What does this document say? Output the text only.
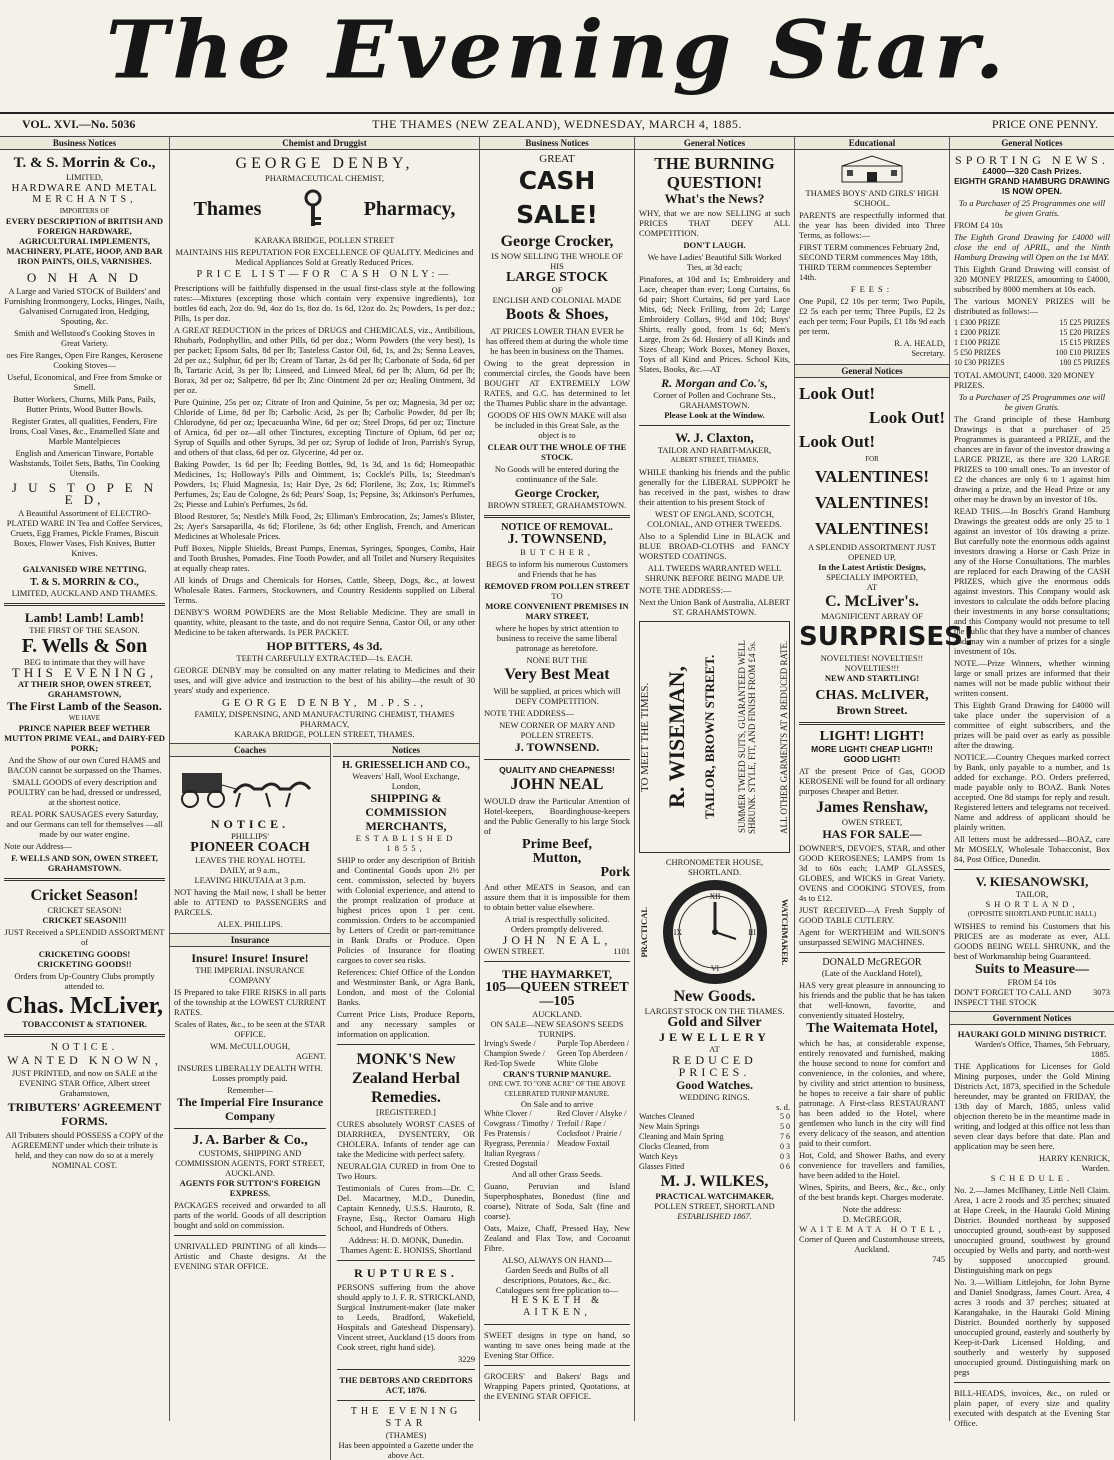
The Evening Star.
THE THAMES (NEW ZEALAND), WEDNESDAY, MARCH 4, 1885.
VOL. XVI.—No. 5036	PRICE ONE PENNY.
Business Notices
T. & S. Morrin & Co.,
LIMITED,
HARDWARE AND METAL
MERCHANTS,
IMPORTERS OF
EVERY DESCRIPTION of BRITISH AND FOREIGN HARDWARE, AGRICULTURAL IMPLEMENTS, MACHINERY, PLATE, HOOP, AND BAR IRON PAINTS, OILS, VARNISHES.
O N H A N D
A Large and Varied STOCK of Builders' and Furnishing Ironmongery, Locks, Hinges, Nails, Galvanised Corrugated Iron, Hedging, Spouting, &c.
Smith and Wellstood's Cooking Stoves in Great Variety.
oes Fire Ranges, Open Fire Ranges, Kerosene Cooking Stoves—
Useful, Economical, and Free from Smoke or Smell.
Butter Workers, Churns, Milk Pans, Pails, Butter Prints, Wood Butter Bowls.
Register Grates, all qualities, Fenders, Fire Irons, Coal Vases, &c., Enamelled Slate and Marble Mantelpieces
English and American Tinware, Portable Washstands, Toilet Sets, Baths, Tin Cooking Utensils.
J U S T O P E N E D,
A Beautiful Assortment of ELECTRO-PLATED WARE IN Tea and Coffee Services, Cruets, Egg Frames, Pickle Frames, Biscuit Boxes, Flower Vases, Fish Knives, Butter Knives.
GALVANISED WIRE NETTING.
T. & S. MORRIN & CO.,
LIMITED, AUCKLAND AND THAMES.
Lamb! Lamb! Lamb!
THE FIRST OF THE SEASON.
F. Wells & Son
BEG to intimate that they will have
THIS EVENING,
AT THEIR SHOP, OWEN STREET, GRAHAMSTOWN,
The First Lamb of the Season.
WE HAVE
PRINCE NAPIER BEEF WETHER MUTTON PRIME VEAL, and DAIRY-FED PORK;
And the Show of our own Cured HAMS and BACON cannot be surpassed on the Thames.
SMALL GOODS of every description and POULTRY can be had, dressed or undressed, at the shortest notice.
REAL PORK SAUSAGES every Saturday, and our Germans can tell for themselves —all made by our water engine.
Note our Address—
F. WELLS AND SON, OWEN STREET, GRAHAMSTOWN.
Cricket Season!
CRICKET SEASON!
CRICKET SEASON!!!
JUST Received a SPLENDID ASSORTMENT of
CRICKETING GOODS!
CRICKETING GOODS!!
Orders from Up-Country Clubs promptly attended to.
Chas. McLiver,
TOBACCONIST & STATIONER.
NOTICE.
WANTED KNOWN,
JUST PRINTED, and now on SALE at the EVENING STAR Office, Albert street Grahamstown,
TRIBUTERS' AGREEMENT FORMS.
All Tributers should POSSESS a COPY of the AGREEMENT under which their tribute is held, and they can now do so at a merely NOMINAL COST.
Chemist and Druggist
GEORGE DENBY,
PHARMACEUTICAL CHEMIST,
Thames	Pharmacy,
KARAKA BRIDGE, POLLEN STREET
MAINTAINS HIS REPUTATION FOR EXCELLENCE OF QUALITY. Medicines and Medical Appliances Sold at Greatly Reduced Prices.
PRICE LIST—FOR CASH ONLY:—
Prescriptions will be faithfully dispensed in the usual first-class style at the following rates:—Mixtures (excepting those which contain very expensive ingredients), 1oz bottles 6d each, 2oz do. 9d, 4oz do 1s, 8oz do. 1s 6d, 12oz do. 2s; Powders, 1s per doz.; Pills, 1s per doz.
A GREAT REDUCTION in the prices of DRUGS and CHEMICALS, viz., Antibilious, Rhubarb, Podophyllin, and other Pills, 6d per doz.; Worm Powders (the very best), 1s per packet; Epsom Salts, 8d per lb; Tasteless Castor Oil, 6d, 1s, and 2s; Senna Leaves, 2d per oz.; Sulphur, 6d per lb; Cream of Tartar, 2s 6d per lb; Carbonate of Soda, 6d per lb, Tartaric Acid, 3s per lb; Linseed, and Linseed Meal, 6d per lb; Alum, 6d per lb; Borax, 3d per oz; Saltpetre, 8d per lb; Zinc Ointment 2d per oz; Healing Ointment, 3d per oz.
Pure Quinine, 25s per oz; Citrate of Iron and Quinine, 5s per oz; Magnesia, 3d per oz; Chloride of Lime, 8d per lb; Carbolic Acid, 2s per lb; Carbolic Powder, 8d per lb; Chlorodyne, 6d per oz; Ipecacuanha Wine, 6d per oz; Steel Drops, 6d per oz; Tincture of Arnica, 6d per oz—all other Tinctures, excepting Tincture of Opium, 6d per oz; Syrup of Squills and other Syrups, 3d per oz; Syrup of Iodide of Iron, Parrish's Syrup, and others of that class, 6d per oz. Glycerine, 4d per oz.
Baking Powder, 1s 6d per lb; Feeding Bottles, 9d, 1s 3d, and 1s 6d; Homeopathic Medicines, 1s; Holloway's Pills and Ointment, 1s; Cockle's Pills, 1s; Steedman's Powders, 1s; Fluid Magnesia, 1s; Hair Dye, 2s 6d; Florilene, 3s; Zox, 1s; Rimmel's Perfumes, 2s; Eau de Cologne, 2s 6d; Pears' Soap, 1s; Pepsine, 3s; Atkinson's Perfumes, 2s; Piesse and Lubin's Perfumes, 2s 6d.
Blood Restorer, 5s; Nestle's Milk Food, 2s; Elliman's Embrocation, 2s; James's Blister, 2s; Ayer's Sarsaparilla, 4s 6d; Florilene, 3s 6d; other English, French, and American Medicines at Wholesale Prices.
Puff Boxes, Nipple Shields, Breast Pumps, Enemas, Syringes, Sponges, Combs, Hair and Tooth Brushes, Pomades. Fine Tooth Powder, and all Toilet and Nursery Requisites at equally cheap rates.
All kinds of Drugs and Chemicals for Horses, Cattle, Sheep, Dogs, &c., at lowest Wholesale Rates. Farmers, Stockowners, and Country Residents supplied on Liberal Terms.
DENBY'S WORM POWDERS are the Most Reliable Medicine. They are small in quantity, white, pleasant to the taste, and do not require Senna, Castor Oil, or any other Medicine to be taken afterwards. 1s PER PACKET.
HOP BITTERS, 4s 3d.
TEETH CAREFULLY EXTRACTED—1s. EACH.
GEORGE DENBY may be consulted on any matter relating to Medicines and their uses, and will give advice and instruction to the best of his ability—the result of 30 years' study and experience.
GEORGE DENBY, M.P.S.,
FAMILY, DISPENSING, AND MANUFACTURING CHEMIST, THAMES PHARMACY,
KARAKA BRIDGE, POLLEN STREET, THAMES.
Coaches
NOTICE.
PHILLIPS'
PIONEER COACH
LEAVES THE ROYAL HOTEL
DAILY, at 9 a.m.,
LEAVING HIKUTAIA at 3 p.m.
NOT having the Mail now, I shall be better able to ATTEND to PASSENGERS and PARCELS.
ALEX. PHILLIPS.
Insurance
Insure! Insure! Insure!
THE IMPERIAL INSURANCE COMPANY
IS Prepared to take FIRE RISKS in all parts of the township at the LOWEST CURRENT RATES.
Scales of Rates, &c., to be seen at the STAR OFFICE.
WM. McCULLOUGH,
AGENT.
INSURES LIBERALLY DEALTH WITH. Losses promptly paid.
Remember—
The Imperial Fire Insurance Company
J. A. Barber & Co.,
CUSTOMS, SHIPPING AND COMMISSION AGENTS, FORT STREET, AUCKLAND.
AGENTS FOR SUTTON'S FOREIGN EXPRESS.
PACKAGES received and orwarded to all parts of the world. Goods of all description bought and sold on commission.
UNRIVALLED PRINTING of all kinds—Artistic and Chaste designs. At the EVENING STAR OFFICE.
Notices
H. GRIESSELICH AND CO.,
Weavers' Hall, Wool Exchange, London,
SHIPPING & COMMISSION MERCHANTS,
ESTABLISHED 1855,
SHIP to order any description of British and Continental Goods upon 2½ per cent. commission, selected by buyers with Colonial experience, and attend to the prompt realization of produce at highest prices upon 1 per cent. commission. Orders to be accompanied by Letters of Credit or part-remittance in Bank Drafts or Produce. Open Policies of Insurance for floating cargoes to cover sea risks.
References: Chief Office of the London and Westminster Bank, or Agra Bank, London, and most of the Colonial Banks.
Current Price Lists, Produce Reports, and any necessary samples or information on application.
MONK'S New Zealand Herbal Remedies.
[REGISTERED.]
CURES absolutely WORST CASES of DIARRHŒA, DYSENTERY, OR CHOLERA. Infants of tender age can take the Medicine with perfect safety.
NEURALGIA CURED in from One to Two Hours.
Testimonials of Cures from—Dr. C. Del. Macartney, M.D., Dunedin, Captain Kennedy, U.S.S. Hauroto, R. Frayne, Esq., Rector Oamaru High School, and Hundreds of Others.
Address: H. D. MONK, Dunedin.
Thames Agent: E. HONISS, Shortland
RUPTURES.
PERSONS suffering from the above should apply to J. F. R. STRICKLAND, Surgical Instrument-maker (late maker to Leeds, Bradford, Wakefield, Hospitals and Gateshead Dispensary). Vincent street, Auckland (15 doors from Cook street, right hand side).
3229
THE DEBTORS AND CREDITORS ACT, 1876.
THE EVENING STAR
(THAMES)
Has been appointed a Gazette under the above Act.
Business Notices
GREAT
CASH SALE!
George Crocker,
IS NOW SELLING THE WHOLE OF HIS
LARGE STOCK
OF
ENGLISH AND COLONIAL MADE
Boots & Shoes,
AT PRICES LOWER THAN EVER he has offered them at during the whole time he has been in business on the Thames.
Owing to the great depression in commercial circles, the Goods have been BOUGHT AT EXTREMELY LOW RATES, and G.C. has determined to let the Thames Public share in the advantage.
GOODS OF HIS OWN MAKE will also be included in this Great Sale, as the object is to
CLEAR OUT THE WHOLE OF THE STOCK.
No Goods will be entered during the continuance of the Sale.
George Crocker,
BROWN STREET, GRAHAMSTOWN.
NOTICE OF REMOVAL.
J. TOWNSEND,
BUTCHER,
BEGS to inform his numerous Customers and Friends that he has
REMOVED FROM POLLEN STREET
TO
MORE CONVENIENT PREMISES IN MARY STREET,
where he hopes by strict attention to business to receive the same liberal patronage as heretofore.
NONE BUT THE
Very Best Meat
Will be supplied, at prices which will DEFY COMPETITION.
NOTE THE ADDRESS—
NEW CORNER OF MARY AND POLLEN STREETS.
J. TOWNSEND.
QUALITY AND CHEAPNESS!
JOHN NEAL
WOULD draw the Particular Attention of Hotel-keepers, Boardinghouse-keepers and the Public Generally to his large Stock of
Prime Beef,
Mutton,
Pork
And other MEATS in Season, and can assure them that it is impossible for them to obtain better value elsewhere.
A trial is respectfully solicited.
Orders promptly delivered.
JOHN NEAL,
OWEN STREET.	1101
THE HAYMARKET,
105—QUEEN STREET—105
AUCKLAND.
ON SALE—NEW SEASON'S SEEDS
TURNIPS.
Irving's Swede / Champion Swede / Red-Top Swede
Purple Top Aberdeen / Green Top Aberdeen / White Globe
CRAN'S TURNIP MANURE.
ONE CWT. TO "ONE ACRE" OF THE ABOVE CELEBRATED TURNIP MANURE.
On Sale and to arrive
White Clover / Cowgrass / Timothy / Fes Pratensis / Ryegrass, Perennia / Italian Ryegrass / Crested Dogstail
Red Clover / Alsyke / Trefoil / Rape / Cocksfoot / Prairie / Meadow Foxtail
And all other Grass Seeds.
Guano, Peruvian and Island Superphosphates, Bonedust (fine and coarse), Nitrate of Soda, Salt (fine and coarse).
Oats, Maize, Chaff, Pressed Hay, New Zealand and Flax Tow, and Cocoanut Fibre.
ALSO, ALWAYS ON HAND—
Garden Seeds and Bulbs of all descriptions, Potatoes, &c., &c.
Catalogues sent free pplication to—
HESKETH & AITKEN,
SWEET designs in type on hand, so wanting to save ones being made at the Evening Star Office.
GROCERS' and Bakers' Bags and Wrapping Papers printed, Quotations, at the EVENING STAR OFFICE.
General Notices
THE BURNING QUESTION!
What's the News?
WHY, that we are now SELLING at such PRICES THAT DEFY ALL COMPETITION.
DON'T LAUGH.
We have Ladies' Beautiful Silk Worked Ties, at 3d each;
Pinafores, at 10d and 1s; Embroidery and Lace, cheaper than ever; Long Curtains, 6s 6d pair; Short Curtains, 6d per yard Lace Mits, 6d; Neck Frilling, from 2d; Large Embroidery Collars, 9½d and 10d; Boys' Shirts, really good, from 1s 6d; Men's Large, from 2s 6d. Hosiery of all Kinds and Sizes Cheap; Work Boxes, Money Boxes, Toys of all Kind and Prices. School Kits, Slates, Books, &c.—AT
R. Morgan and Co.'s,
Corner of Pollen and Cochrane Sts., GRAHAMSTOWN.
Please Look at the Window.
W. J. Claxton,
TAILOR AND HABIT-MAKER,
ALBERT STREET, THAMES,
WHILE thanking his friends and the public generally for the LIBERAL SUPPORT he has received in the past, wishes to draw their attention to his present Stock of
WEST OF ENGLAND, SCOTCH, COLONIAL, AND OTHER TWEEDS.
Also to a Splendid Line in BLACK and BLUE BROAD-CLOTHS and FANCY WORSTED COATINGS.
ALL TWEEDS WARRANTED WELL SHRUNK BEFORE BEING MADE UP.
NOTE THE ADDRESS:—
Next the Union Bank of Australia, ALBERT ST. GRAHAMSTOWN.
TO MEET THE TIMES. R. WISEMAN, TAILOR, BROWN STREET. SUMMER TWEED SUITS, GUARANTEED WELL SHRUNK. STYLE, FIT, AND FINISH FROM £4 5s. ALL OTHER GARMENTS AT A REDUCED RATE.
CHRONOMETER HOUSE,
SHORTLAND.
PRACTICAL
XII
III
VI
IX	WATCHMAKER.
New Goods.
LARGEST STOCK ON THE THAMES.
Gold and Silver
JEWELLERY
AT
REDUCED PRICES.
Good Watches.
WEDDING RINGS.
s. d.
Watches Cleaned	5 0
New Main Springs	5 0
Cleaning and Main Spring	7 6
Clocks Cleaned, from	0 3
Watch Keys	0 3
Glasses Fitted	0 6
M. J. WILKES,
PRACTICAL WATCHMAKER,
POLLEN STREET, SHORTLAND
ESTABLISHED 1867.
Educational
THAMES BOYS' AND GIRLS' HIGH SCHOOL.
PARENTS are respectfully informed that the year has been divided into Three Terms, as follows:—
FIRST TERM commences February 2nd, SECOND TERM commences May 18th, THIRD TERM commences September 14th.
FEES:
One Pupil, £2 10s per term; Two Pupils, £2 5s each per term; Three Pupils, £2 2s each per term; Four Pupils, £1 18s 9d each per term.
R. A. HEALD,
Secretary.
General Notices
Look Out!
Look Out!
Look Out!
FOR
VALENTINES!
VALENTINES!
VALENTINES!
A SPLENDID ASSORTMENT JUST OPENED UP,
In the Latest Artistic Designs,
SPECIALLY IMPORTED,
AT
C. McLiver's.
MAGNIFICENT ARRAY OF
SURPRISES!
NOVELTIES! NOVELTIES!!
NOVELTIES!!!
NEW AND STARTLING!
CHAS. McLIVER,
Brown Street.
LIGHT! LIGHT!
MORE LIGHT! CHEAP LIGHT!! GOOD LIGHT!
AT the present Price of Gas, GOOD KEROSENE will be found for all ordinary purposes Cheaper and Better.
James Renshaw,
OWEN STREET,
HAS FOR SALE—
DOWNER'S, DEVOE'S, STAR, and other GOOD KEROSENES; LAMPS from 1s 3d to 60s each; LAMP GLASSES, GLOBES, and WICKS in Great Variety. OVENS and COOKING STOVES, from 4s to £12.
JUST RECEIVED—A Fresh Supply of GOOD TABLE CUTLERY.
Agent for WERTHEIM and WILSON'S unsurpassed SEWING MACHINES.
DONALD McGREGOR
(Late of the Auckland Hotel),
HAS very great pleasure in announcing to his friends and the public that he has taken that well-known, favorite, and conveniently situated Hostelry,
The Waitemata Hotel,
which he has, at considerable expense, entirely renovated and furnished, making the house second to none for comfort and convenience, in the colonies, and where, by civility and strict attention to business, he hopes to receive a fair share of public patronage. A First-class RESTAURANT has been added to the Hotel, where gentlemen who lunch in the city will find every delicacy of the season, and attention paid to their comfort.
Hot, Cold, and Shower Baths, and every convenience for travellers and families, have been added to the Hotel.
Wines, Spirits, and Beers, &c., &c., only of the best brands kept. Charges moderate.
Note the address:
D. McGREGOR,
WAITEMATA HOTEL,
Corner of Queen and Customhouse streets, Auckland.
745
General Notices
SPORTING NEWS.
£4000—320 Cash Prizes.
EIGHTH GRAND HAMBURG DRAWING IS NOW OPEN.
To a Purchaser of 25 Programmes one will be given Gratis.
FROM £4 10s
The Eighth Grand Drawing for £4000 will close the end of APRIL, and the Ninth Hamburg Drawing will Open on the 1st MAY.
This Eighth Grand Drawing will consist of 320 MONEY PRIZES, amounting to £4000, subscribed by 8000 members at 10s each.
The various MONEY PRIZES will be distributed as follows:—
1 £300 PRIZE	15 £25 PRIZES
1 £200 PRIZE	15 £20 PRIZES
1 £100 PRIZE	15 £15 PRIZES
5 £50 PRIZES	100 £10 PRIZES
10 £30 PRIZES	180 £5 PRIZES
TOTAL AMOUNT, £4000. 320 MONEY PRIZES.
To a Purchaser of 25 Programmes one will be given Gratis.
The Grand principle of these Hamburg Drawings is that a purchaser of 25 Programmes is guaranteed a PRIZE, and the chances are in favor of the investor drawing a LARGE PRIZE, as there are 320 LARGE PRIZES to 100 small ones. To an investor of £2 the chances are only 6 to 1 against him drawing a prize, and the Head Prize or any other may be drawn by an investor of 10s.
READ THIS.—In Bosch's Grand Hamburg Drawings the greatest odds are only 25 to 1 against an investor of 10s drawing a prize. But carefully note the enormous odds against investors drawing a Horse or Cash Prize in any of the Horse Consultations. The marbles are replaced for each Drawing of the CASH PRIZES, which give the enormous odds against investors. This Company would ask investors to calculate the odds before placing their investments in any horse consultations; and this Company would not presume to tell the public that they have a number of chances and may win a number of prizes for a single investment of 10s.
NOTE.—Prize Winners, whether winning large or small prizes are informed that their names will not be made public without their written consent.
This Eighth Grand Drawing for £4000 will take place under the supervision of a committee of eight subscribers, and the prizes will be paid over as early as possible after the drawing.
NOTICE.—Country Cheques marked correct by Bank, only payable to a number, and 1s added for exchange. P.O. Orders preferred, made payable only to BOAZ. Bank Notes accepted. One 8d stamps for reply and result. Registered letters and telegrams not received. Name and address of applicant should be plainly written.
All letters must be addressed—BOAZ, care Mr MOSELY, Wholesale Tobacconist, Box 84, Post Office, Dunedin.
V. KIESANOWSKI,
TAILOR,
SHORTLAND,
(OPPOSITE SHORTLAND PUBLIC HALL)
WISHES to remind his Customers that his PRICES are as moderate as ever, ALL GOODS BEING WELL SHRUNK, and the best of Workmanship being Guaranteed.
Suits to Measure—
FROM £4 10s
DON'T FORGET TO CALL AND INSPECT THE STOCK
3073
Government Notices
HAURAKI GOLD MINING DISTRICT.
Warden's Office, Thames, 5th February, 1885.
THE Applications for Licenses for Gold Mining purposes, under the Gold Mining Districts Act, 1873, specified in the Schedule hereunder, may be granted on FRIDAY, the 13th day of March, 1885, unless valid objection thereto be in the meantime made in writing, and lodged at this office not less than seven clear days before that date. Plan and application may be seen here.
HARRY KENRICK,
Warden.
SCHEDULE.
No. 2.—James McIlhaney, Little Nell Claim. Area, 1 acre 2 roods and 35 perches; situated at Hape Creek, in the Hauraki Gold Mining District. Bounded northeast by supposed unoccupied ground, south-east by supposed unoccupied ground, southwest by ground occupied by Wells and party, and north-west by supposed unoccupied ground. Distinguishing mark on pegs
No. 3.—William Littlejohn, for John Byrne and Daniel Snodgrass, James Court. Area, 4 acres 3 roods and 37 perches; situated at Karangahake, in the Hauraki Gold Mining District. Bounded northerly by supposed unoccupied ground, easterly and southerly by Keep-it-Dark Licensed Holding, and southerly and westerly by supposed unoccupied ground. Distinguishing mark on pegs
BILL-HEADS, invoices, &c., on ruled or plain paper, of every size and quality executed with despatch at the Evening Star Office.
